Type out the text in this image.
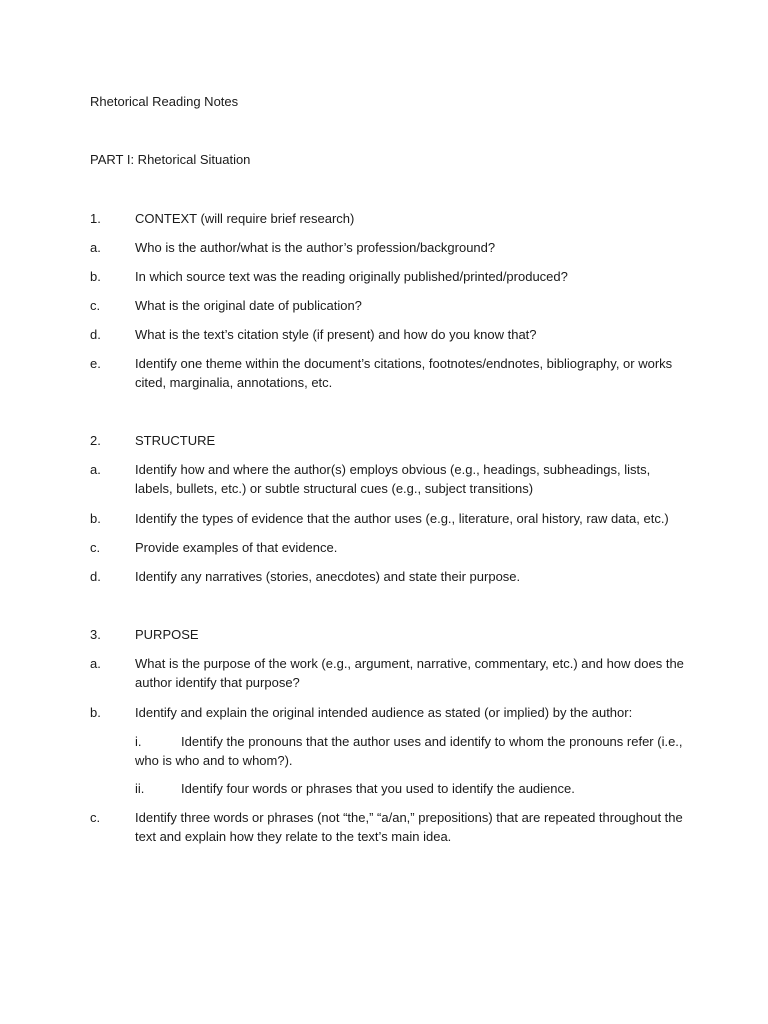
Rhetorical Reading Notes
PART I: Rhetorical Situation
1.	CONTEXT (will require brief research)
a.	Who is the author/what is the author’s profession/background?
b.	In which source text was the reading originally published/printed/produced?
c.	What is the original date of publication?
d.	What is the text’s citation style (if present) and how do you know that?
e.	Identify one theme within the document’s citations, footnotes/endnotes, bibliography, or works cited, marginalia, annotations, etc.
2.	STRUCTURE
a.	Identify how and where the author(s) employs obvious (e.g., headings, subheadings, lists, labels, bullets, etc.) or subtle structural cues (e.g., subject transitions)
b.	Identify the types of evidence that the author uses (e.g., literature, oral history, raw data, etc.)
c.	Provide examples of that evidence.
d.	Identify any narratives (stories, anecdotes) and state their purpose.
3.	PURPOSE
a.	What is the purpose of the work (e.g., argument, narrative, commentary, etc.) and how does the author identify that purpose?
b.	Identify and explain the original intended audience as stated (or implied) by the author:
i.	Identify the pronouns that the author uses and identify to whom the pronouns refer (i.e., who is who and to whom?).
ii.	Identify four words or phrases that you used to identify the audience.
c.	Identify three words or phrases (not “the,” “a/an,” prepositions) that are repeated throughout the text and explain how they relate to the text’s main idea.
